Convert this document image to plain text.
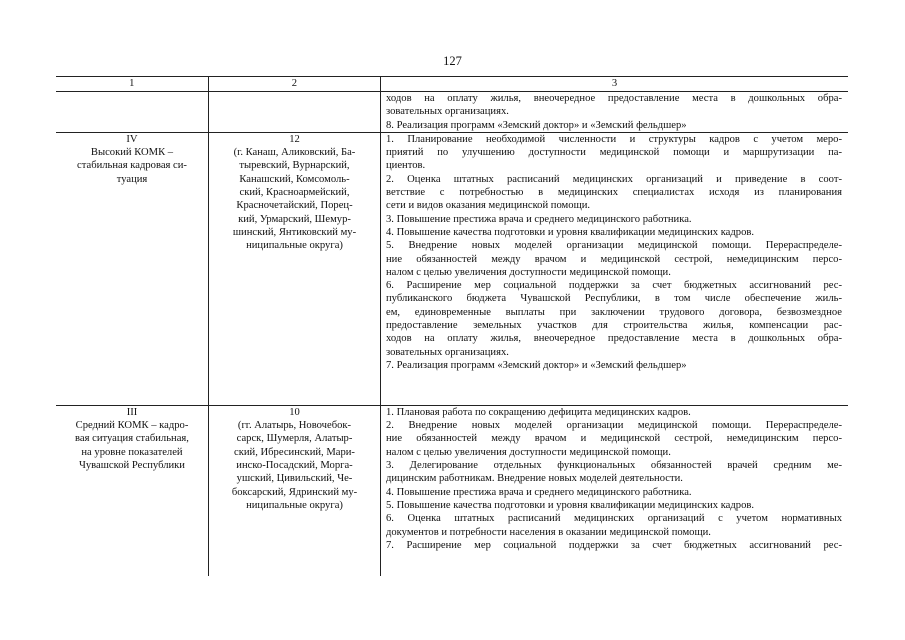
127
1	2	3
ходов на оплату жилья, внеочередное предоставление места в дошкольных обра-
зовательных организациях.
8. Реализация программ «Земский доктор» и «Земский фельдшер»
IV
Высокий КОМК –
стабильная кадровая си-
туация
12
(г. Канаш, Аликовский, Ба-
тыревский, Вурнарский,
Канашский, Комсомоль-
ский, Красноармейский,
Красночетайский, Порец-
кий, Урмарский, Шемур-
шинский, Янтиковский му-
ниципальные округа)
1. Планирование необходимой численности и структуры кадров с учетом меро-
приятий по улучшению доступности медицинской помощи и маршрутизации па-
циентов.
2. Оценка штатных расписаний медицинских организаций и приведение в соот-
ветствие с потребностью в медицинских специалистах исходя из планирования
сети и видов оказания медицинской помощи.
3. Повышение престижа врача и среднего медицинского работника.
4. Повышение качества подготовки и уровня квалификации медицинских кадров.
5. Внедрение новых моделей организации медицинской помощи. Перераспределе-
ние обязанностей между врачом и медицинской сестрой, немедицинским персо-
налом с целью увеличения доступности медицинской помощи.
6. Расширение мер социальной поддержки за счет бюджетных ассигнований рес-
публиканского бюджета Чувашской Республики, в том числе обеспечение жиль-
ем, единовременные выплаты при заключении трудового договора, безвозмездное
предоставление земельных участков для строительства жилья, компенсации рас-
ходов на оплату жилья, внеочередное предоставление места в дошкольных обра-
зовательных организациях.
7. Реализация программ «Земский доктор» и «Земский фельдшер»
III
Средний КОМК – кадро-
вая ситуация стабильная,
на уровне показателей
Чувашской Республики
10
(гг. Алатырь, Новочебок-
сарск, Шумерля, Алатыр-
ский, Ибресинский, Мари-
инско-Посадский, Морга-
ушский, Цивильский, Че-
боксарский, Ядринский му-
ниципальные округа)
1. Плановая работа по сокращению дефицита медицинских кадров.
2. Внедрение новых моделей организации медицинской помощи. Перераспределе-
ние обязанностей между врачом и медицинской сестрой, немедицинским персо-
налом с целью увеличения доступности медицинской помощи.
3. Делегирование отдельных функциональных обязанностей врачей средним ме-
дицинским работникам. Внедрение новых моделей деятельности.
4. Повышение престижа врача и среднего медицинского работника.
5. Повышение качества подготовки и уровня квалификации медицинских кадров.
6. Оценка штатных расписаний медицинских организаций с учетом нормативных
документов и потребности населения в оказании медицинской помощи.
7. Расширение мер социальной поддержки за счет бюджетных ассигнований рес-
